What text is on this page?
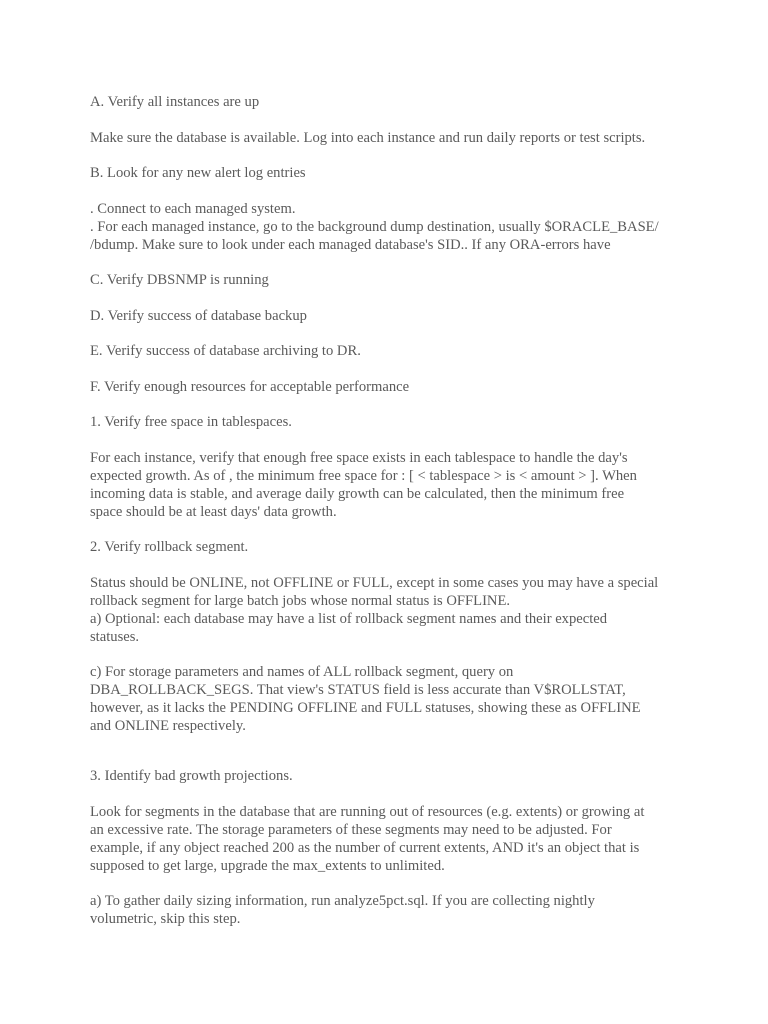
A. Verify all instances are up

Make sure the database is available. Log into each instance and run daily reports or test scripts.

B. Look for any new alert log entries

. Connect to each managed system.
. For each managed instance, go to the background dump destination, usually $ORACLE_BASE/
/bdump. Make sure to look under each managed database's SID.. If any ORA-errors have

C. Verify DBSNMP is running

D. Verify success of database backup

E. Verify success of database archiving to DR.

F. Verify enough resources for acceptable performance

1. Verify free space in tablespaces.

For each instance, verify that enough free space exists in each tablespace to handle the day's
expected growth. As of , the minimum free space for : [ < tablespace > is < amount > ]. When
incoming data is stable, and average daily growth can be calculated, then the minimum free
space should be at least days' data growth.

2. Verify rollback segment.

Status should be ONLINE, not OFFLINE or FULL, except in some cases you may have a special
rollback segment for large batch jobs whose normal status is OFFLINE.
a) Optional: each database may have a list of rollback segment names and their expected
statuses.

c) For storage parameters and names of ALL rollback segment, query on
DBA_ROLLBACK_SEGS. That view's STATUS field is less accurate than V$ROLLSTAT,
however, as it lacks the PENDING OFFLINE and FULL statuses, showing these as OFFLINE
and ONLINE respectively.

3. Identify bad growth projections.

Look for segments in the database that are running out of resources (e.g. extents) or growing at
an excessive rate. The storage parameters of these segments may need to be adjusted. For
example, if any object reached 200 as the number of current extents, AND it's an object that is
supposed to get large, upgrade the max_extents to unlimited.

a) To gather daily sizing information, run analyze5pct.sql. If you are collecting nightly
volumetric, skip this step.
